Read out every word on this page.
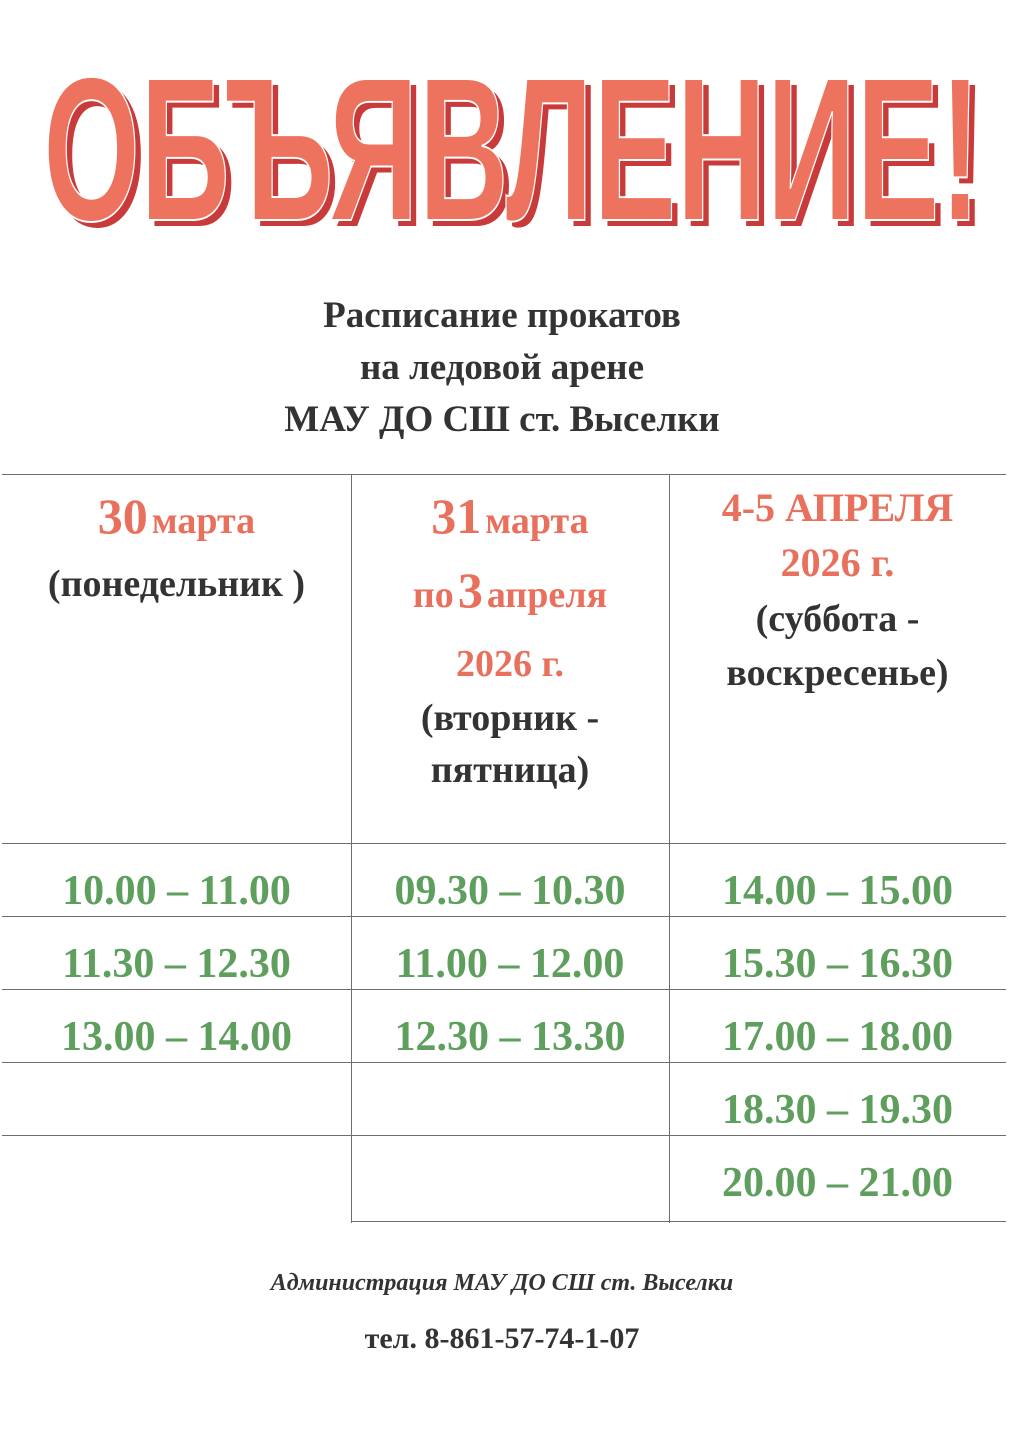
ОБЪЯВЛЕНИЕ!
ОБЪЯВЛЕНИЕ!
Расписание прокатов
на ледовой арене
МАУ ДО СШ ст. Выселки
30 марта
(понедельник )
31 марта
по 3 апреля
2026 г.
(вторник -
пятница)
4-5 АПРЕЛЯ
2026 г.
(суббота -
воскресенье)
10.00 – 11.00
11.30 – 12.30
13.00 – 14.00
09.30 – 10.30
11.00 – 12.00
12.30 – 13.30
14.00 – 15.00
15.30 – 16.30
17.00 – 18.00
18.30 – 19.30
20.00 – 21.00
Администрация МАУ ДО СШ ст. Выселки
тел. 8-861-57-74-1-07
